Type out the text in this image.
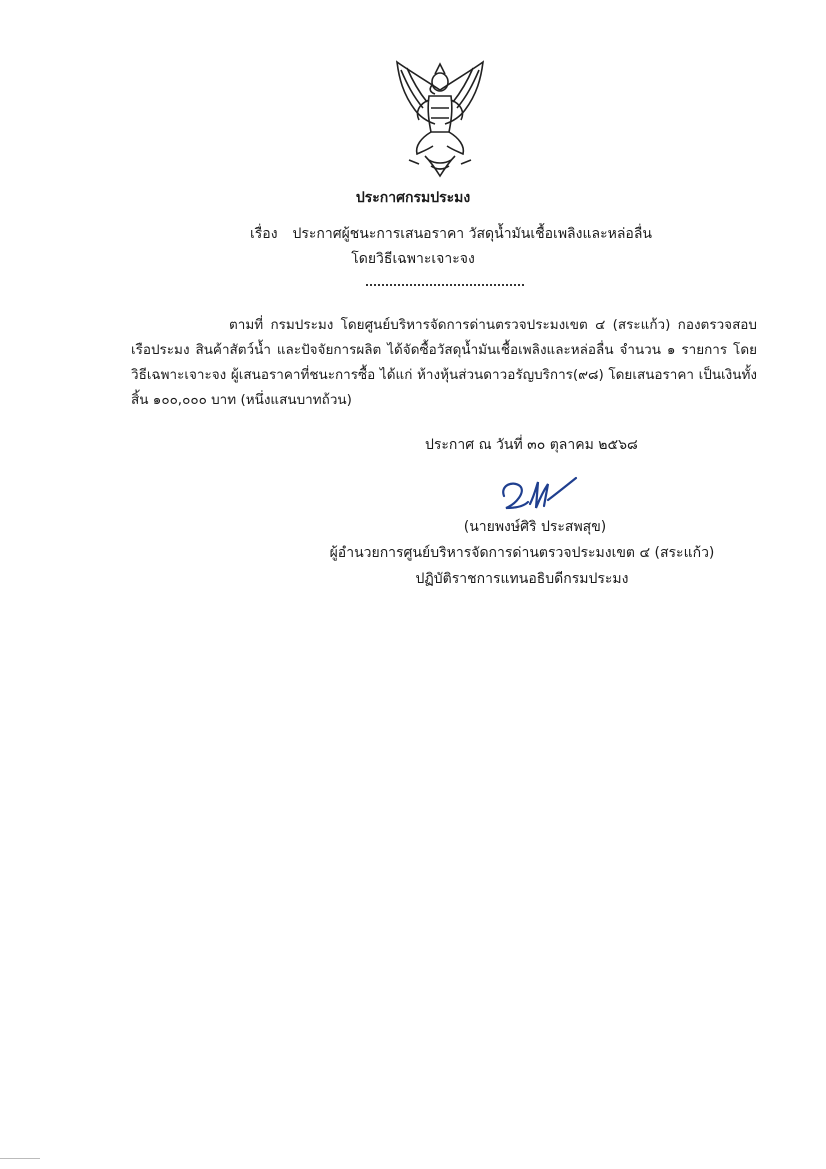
ประกาศกรมประมง
เรื่อง ประกาศผู้ชนะการเสนอราคา วัสดุน้ำมันเชื้อเพลิงและหล่อลื่น
โดยวิธีเฉพาะเจาะจง
ตามที่ กรมประมง โดยศูนย์บริหารจัดการด่านตรวจประมงเขต ๔ (สระแก้ว) กองตรวจสอบเรือประมง สินค้าสัตว์น้ำ และปัจจัยการผลิต ได้จัดซื้อวัสดุน้ำมันเชื้อเพลิงและหล่อลื่น จำนวน ๑ รายการ โดยวิธีเฉพาะเจาะจง ผู้เสนอราคาที่ชนะการซื้อ ได้แก่ ห้างหุ้นส่วนดาวอรัญบริการ(๙๘) โดยเสนอราคา เป็นเงินทั้งสิ้น ๑๐๐,๐๐๐ บาท (หนึ่งแสนบาทถ้วน)
ประกาศ ณ วันที่ ๓๐ ตุลาคม ๒๕๖๘
(นายพงษ์ศิริ ประสพสุข)
ผู้อำนวยการศูนย์บริหารจัดการด่านตรวจประมงเขต ๔ (สระแก้ว)
ปฏิบัติราชการแทนอธิบดีกรมประมง
